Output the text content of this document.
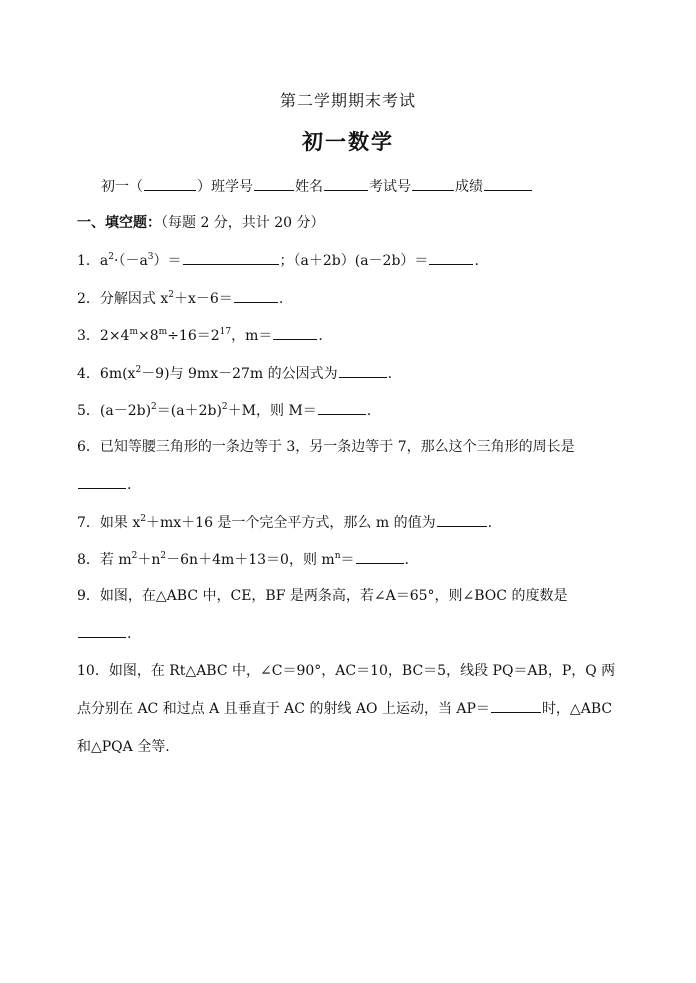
第二学期期末考试
初一数学
初一（	）班学号	姓名	考试号	成绩
一、填空题：（每题 2 分，共计 20 分）
1．$a^2\cdot(-a^3)=$	；（a＋2b）(a－2b）＝	.
2．分解因式 $x^2+x-6=$	.
3．$2\times 4^m\times 8^m\div 16=2^{17}$，m＝	.
4．$6m(x^2-9)$与 9mx－27m 的公因式为	.
5．$(a-2b)^2=(a+2b)^2+M$，则 M＝	.
6．已知等腰三角形的一条边等于 3，另一条边等于 7，那么这个三角形的周长是
.
7．如果 $x^2+mx+16$ 是一个完全平方式，那么 m 的值为	.
8．若 $m^2+n^2-6n+4m+13=0$，则 $m^n=$	.
9．如图，在△ABC 中，CE，BF 是两条高，若∠A＝65°，则∠BOC 的度数是
.
10．如图，在 Rt△ABC 中，∠C＝90°，AC＝10，BC＝5，线段 PQ＝AB，P，Q 两点分别在 AC 和过点 A 且垂直于 AC 的射线 AO 上运动，当 AP＝	时，△ABC 和△PQA 全等.
